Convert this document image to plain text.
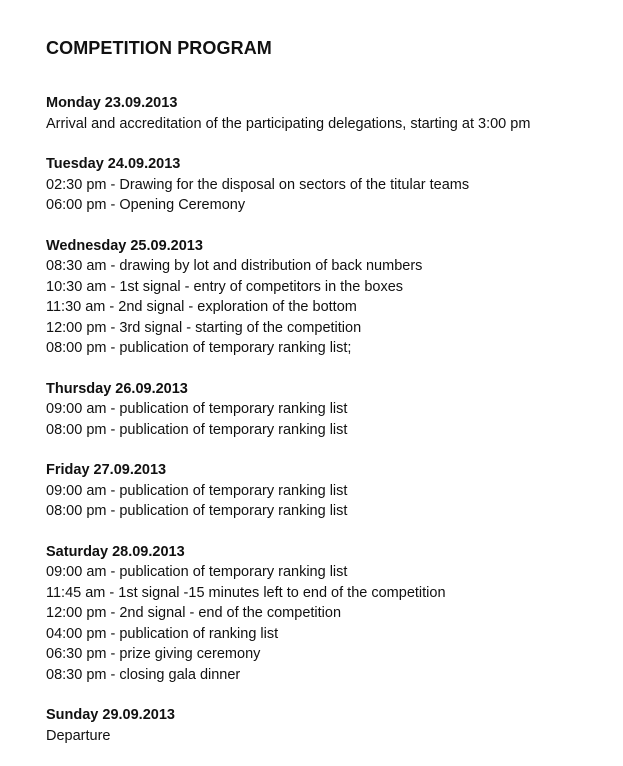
COMPETITION PROGRAM

Monday 23.09.2013

Arrival and accreditation of the participating delegations, starting at 3:00 pm

Tuesday 24.09.2013

02:30 pm - Drawing for the disposal on sectors of the titular teams

06:00 pm - Opening Ceremony

Wednesday 25.09.2013

08:30 am - drawing by lot and distribution of back numbers

10:30 am - 1st signal - entry of competitors in the boxes

11:30 am - 2nd signal - exploration of the bottom

12:00 pm - 3rd signal - starting of the competition

08:00 pm - publication of temporary ranking list;

Thursday 26.09.2013

09:00 am - publication of temporary ranking list

08:00 pm - publication of temporary ranking list

Friday 27.09.2013

09:00 am - publication of temporary ranking list

08:00 pm - publication of temporary ranking list

Saturday 28.09.2013

09:00 am - publication of temporary ranking list

11:45 am - 1st signal -15 minutes left to end of the competition

12:00 pm - 2nd signal - end of the competition

04:00 pm - publication of ranking list

06:30 pm - prize giving ceremony

08:30 pm - closing gala dinner

Sunday 29.09.2013

Departure
